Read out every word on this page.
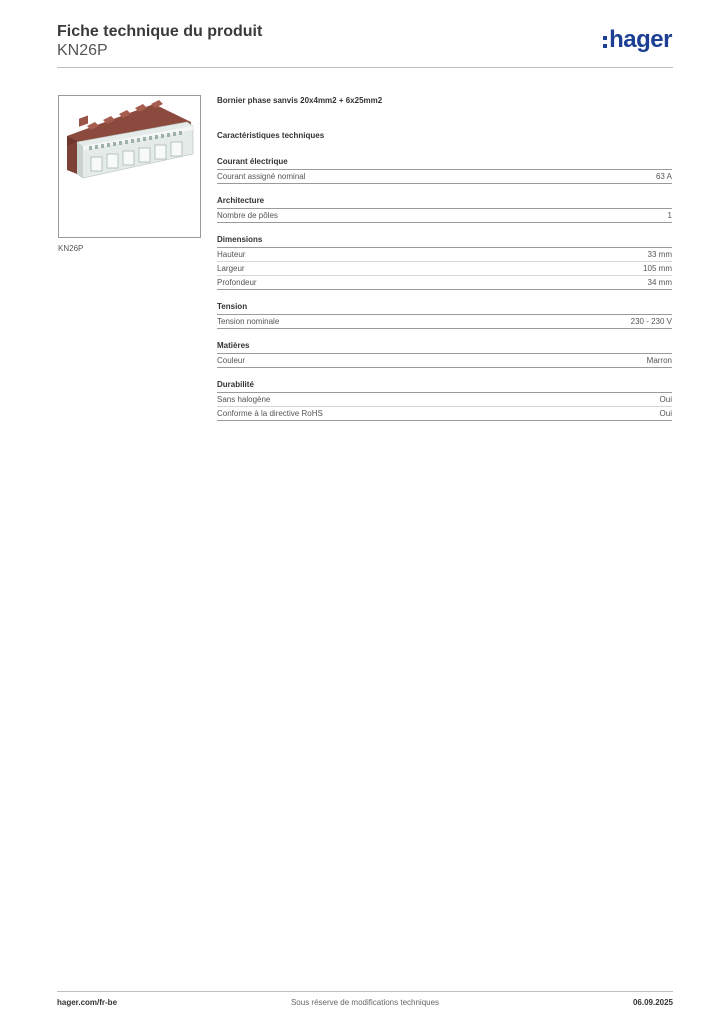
Fiche technique du produit
KN26P	hager
KN26P
Bornier phase sanvis 20x4mm2 + 6x25mm2
Caractéristiques techniques
Courant électrique
Courant assigné nominal	63 A
Architecture
Nombre de pôles	1
Dimensions
Hauteur	33 mm
Largeur	105 mm
Profondeur	34 mm
Tension
Tension nominale	230 - 230 V
Matières
Couleur	Marron
Durabilité
Sans halogène	Oui
Conforme à la directive RoHS	Oui
hager.com/fr-be	Sous réserve de modifications techniques	06.09.2025
